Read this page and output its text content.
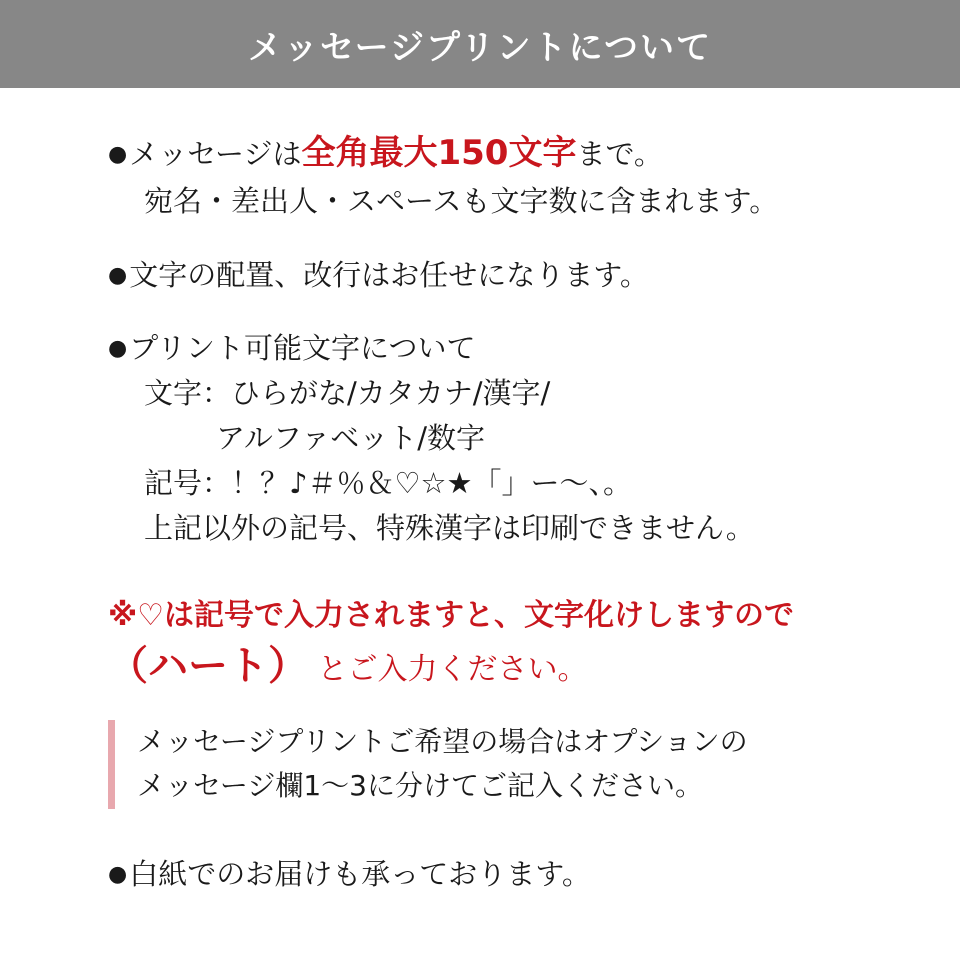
メッセージプリントについて
● メッセージは 全角最大150文字 まで。
宛名・差出人・スペースも文字数に含まれます。
● 文字の配置、改行はお任せになります。
● プリント可能文字について
文字：ひらがな/カタカナ/漢字/
アルファベット/数字
記号：！？♪＃％＆♡☆★「」ー〜、。
上記以外の記号、特殊漢字は印刷できません。
※♡は記号で入力されますと、文字化けしますので
（ハート） とご入力ください。
メッセージプリントご希望の場合はオプションの
メッセージ欄1〜3に分けてご記入ください。
● 白紙でのお届けも承っております。
